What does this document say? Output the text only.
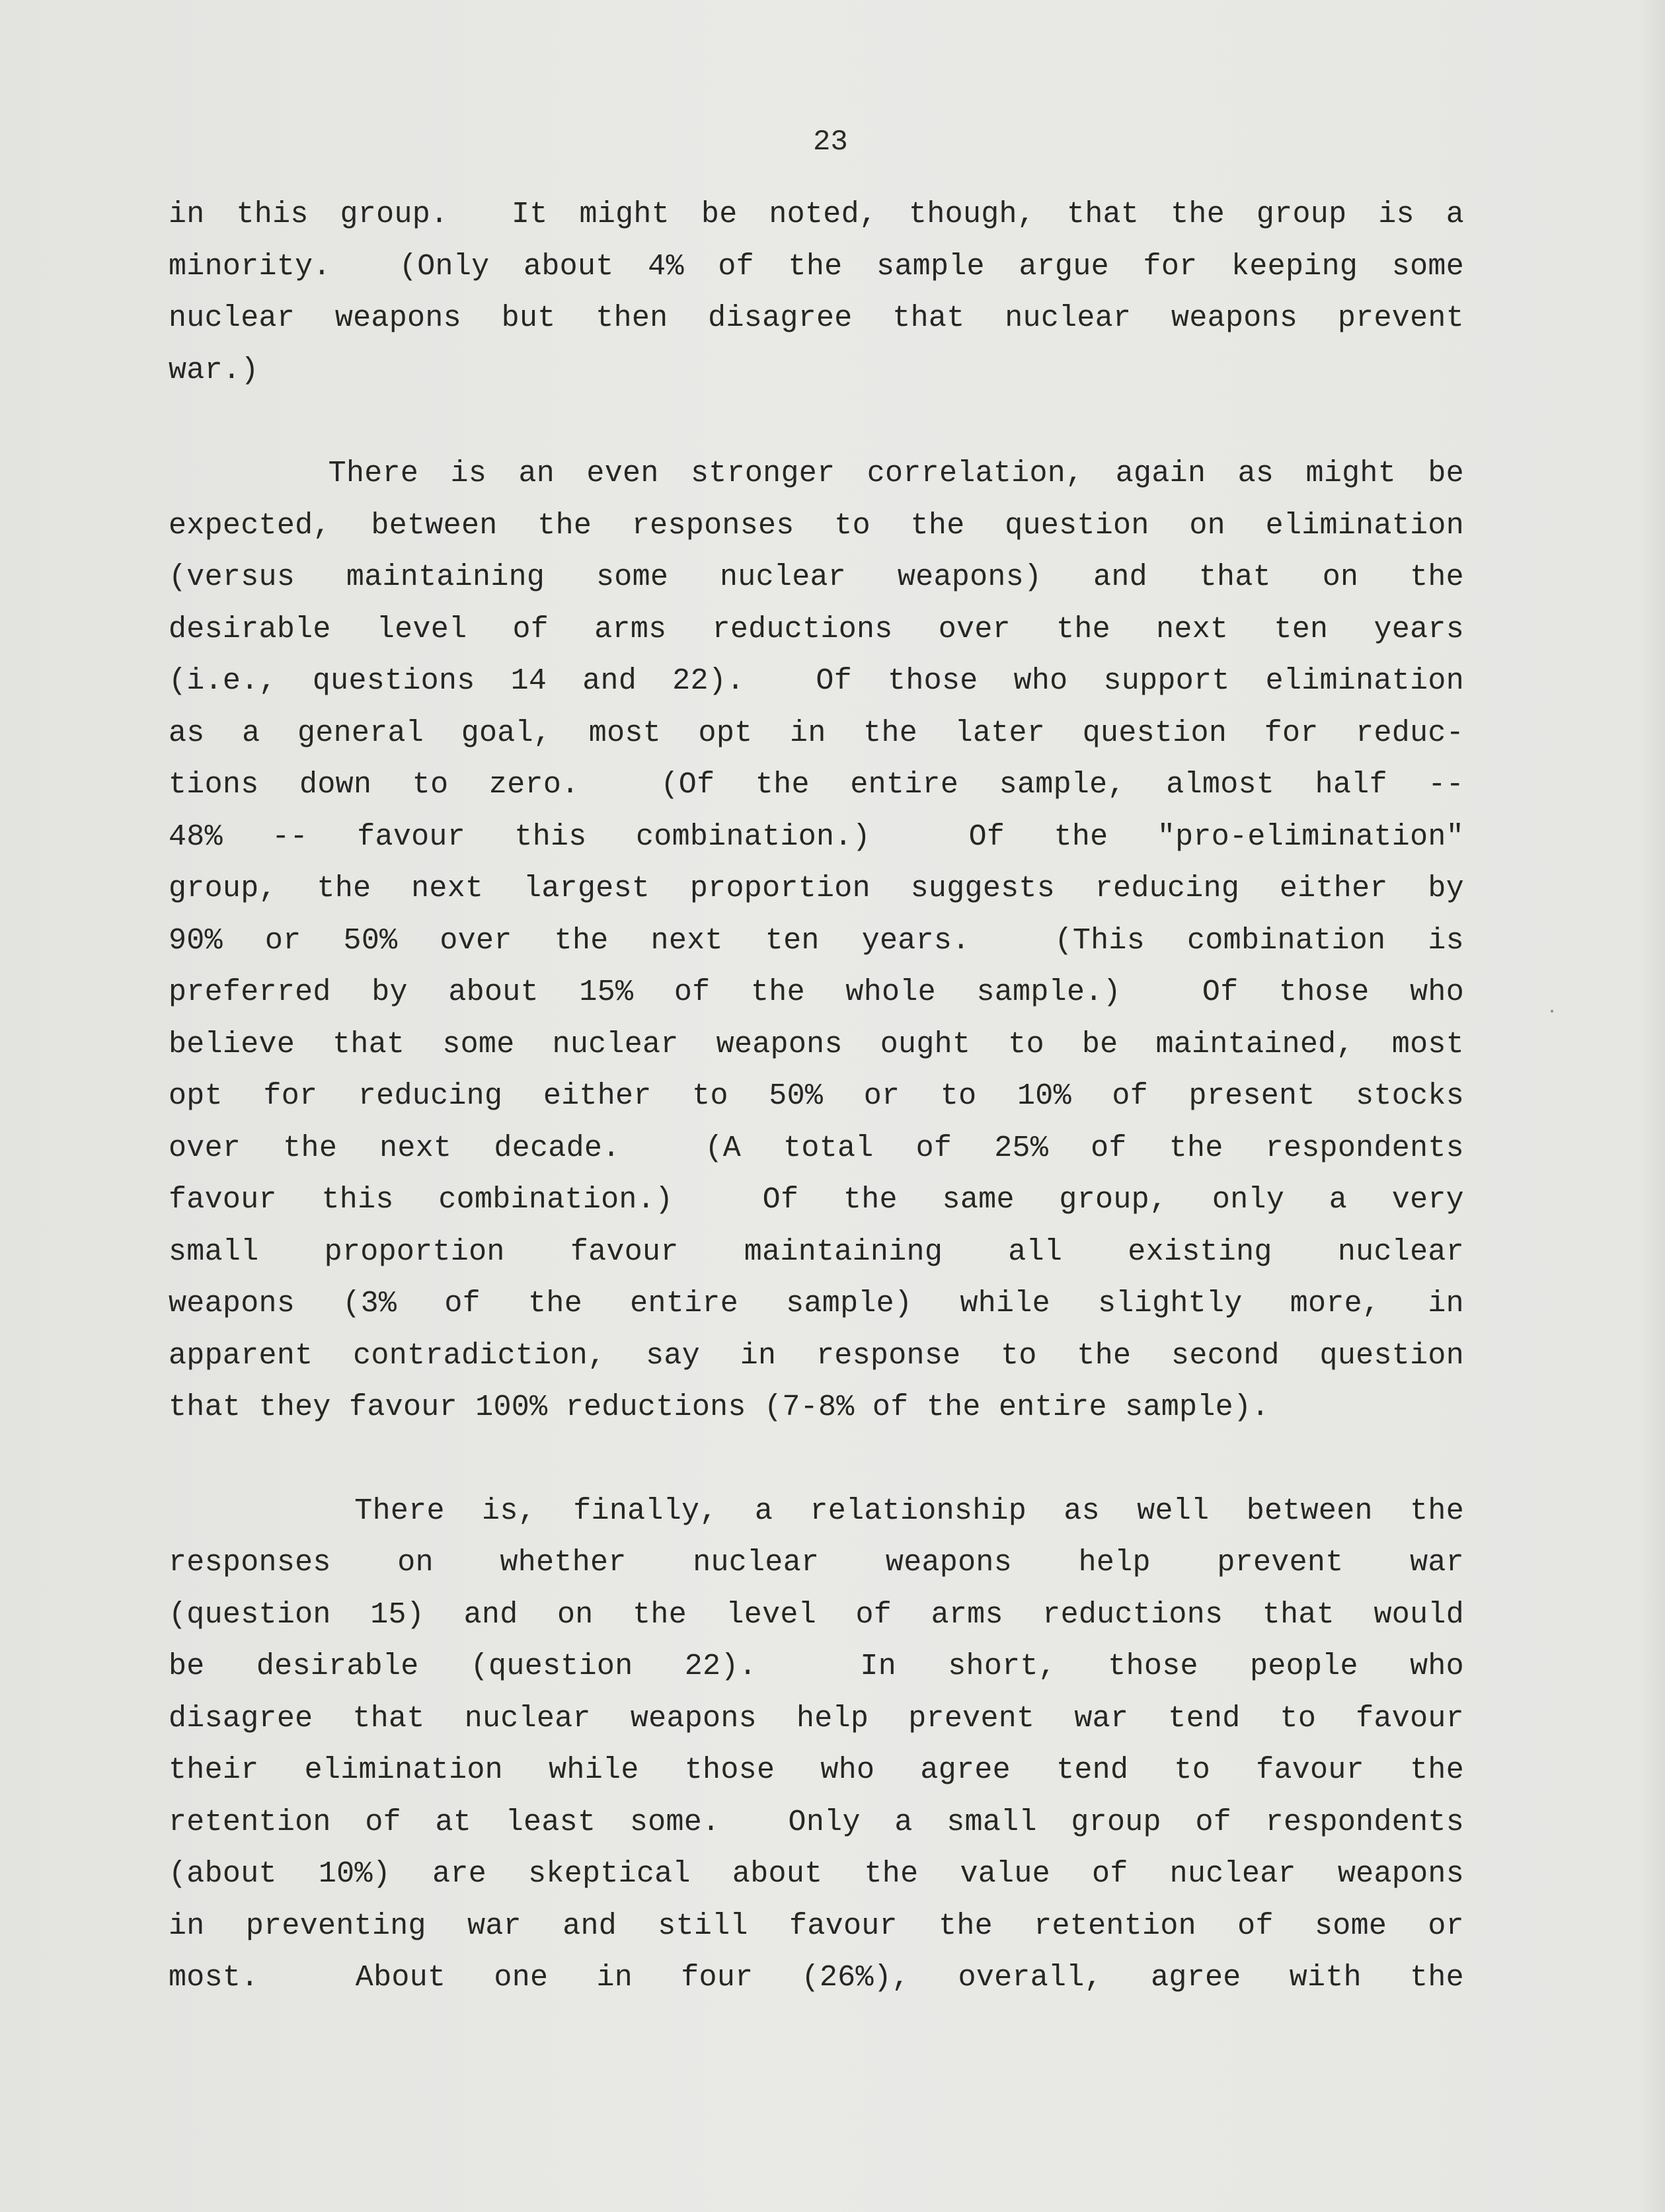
23
in this group.  It might be noted, though, that the group is a
minority.  (Only about 4% of the sample argue for keeping some
nuclear weapons but then disagree that nuclear weapons prevent
war.)
There is an even stronger correlation, again as might be
expected, between the responses to the question on elimination
(versus maintaining some nuclear weapons) and that on the
desirable level of arms reductions over the next ten years
(i.e., questions 14 and 22).  Of those who support elimination
as a general goal, most opt in the later question for reduc-
tions down to zero.  (Of the entire sample, almost half --
48% -- favour this combination.)  Of the "pro-elimination"
group, the next largest proportion suggests reducing either by
90% or 50% over the next ten years.  (This combination is
preferred by about 15% of the whole sample.)  Of those who
believe that some nuclear weapons ought to be maintained, most
opt for reducing either to 50% or to 10% of present stocks
over the next decade.  (A total of 25% of the respondents
favour this combination.)  Of the same group, only a very
small proportion favour maintaining all existing nuclear
weapons (3% of the entire sample) while slightly more, in
apparent contradiction, say in response to the second question
that they favour 100% reductions (7-8% of the entire sample).
There is, finally, a relationship as well between the
responses on whether nuclear weapons help prevent war
(question 15) and on the level of arms reductions that would
be desirable (question 22).  In short, those people who
disagree that nuclear weapons help prevent war tend to favour
their elimination while those who agree tend to favour the
retention of at least some.  Only a small group of respondents
(about 10%) are skeptical about the value of nuclear weapons
in preventing war and still favour the retention of some or
most.  About one in four (26%), overall, agree with the
